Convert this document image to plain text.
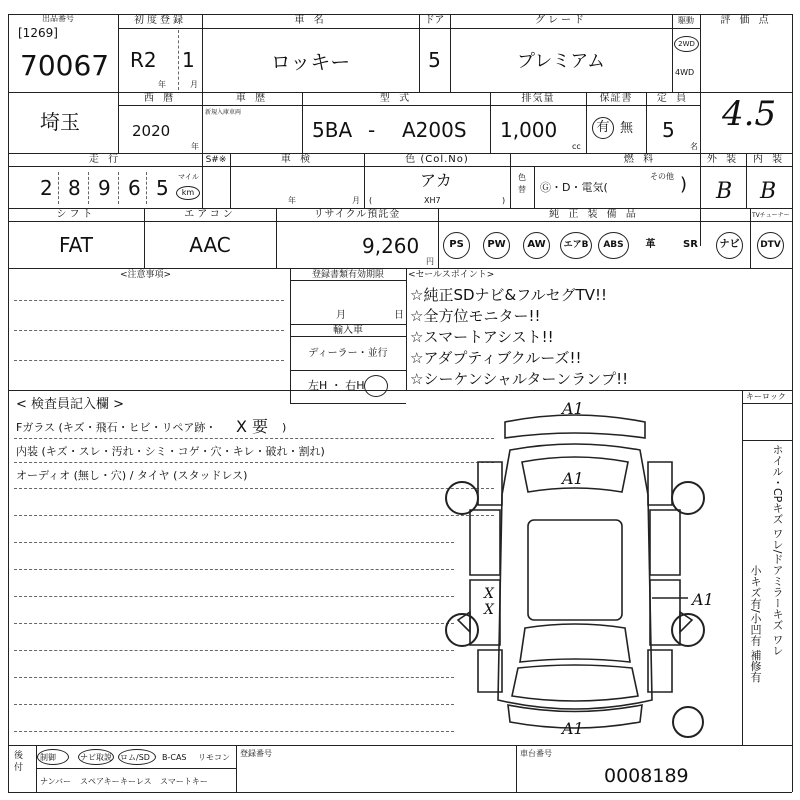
出品番号
[1269]
70067
初度登録
R2 1
年	月
車 名
ロッキー
ドア
5
グレード
プレミアム
駆動
2WD
4WD
評 価 点
4.5
埼玉
西 暦
2020
年
車 歴
新規入庫車両
型 式
5BA - A200S
排気量
1,000
cc
保証書
有 無
定 員
5
名
走 行
2 8 9 6 5 マイル
km
S#※	車 検
年	月
色 (Col.No)
アカ
XH7
(	)
色替
燃 料
Ⓖ・D・電気(
その他 )
外 装	内 装
B B
シフト
FAT
エアコン
AAC
リサイクル預託金
9,260
円
純 正 装 備 品	TVチューナー
PS	PW	AW	エアB	ABS	革	SR	ナビ	DTV
<注意事項>	登録書類有効期限
月	日
輸入車
ディーラー・並行
左H ・ 右H
<セールスポイント>
☆純正SDナビ&フルセグTV!!
☆全方位モニター!!
☆スマートアシスト!!
☆アダプティブクルーズ!!
☆シーケンシャルターンランプ!!
キーロック
ホイル・CPキズ ワレ/ドアミラーキズ ワレ
小キズ有/小凹有 補修有
< 検査員記入欄 >
Fガラス (キズ・飛石・ヒビ・リペア跡・ X 要 )
内装 (キズ・スレ・汚れ・シミ・コゲ・穴・キレ・破れ・割れ)
オーディオ (無し・穴) / タイヤ (スタッドレス)
A1
A1
A1
A1
X
X
後 付
制御	ナビ取説 ロム/SD B-CAS リモコン
ナンバー スペアキー キーレス スマートキー
登録番号	車台番号
0008189
